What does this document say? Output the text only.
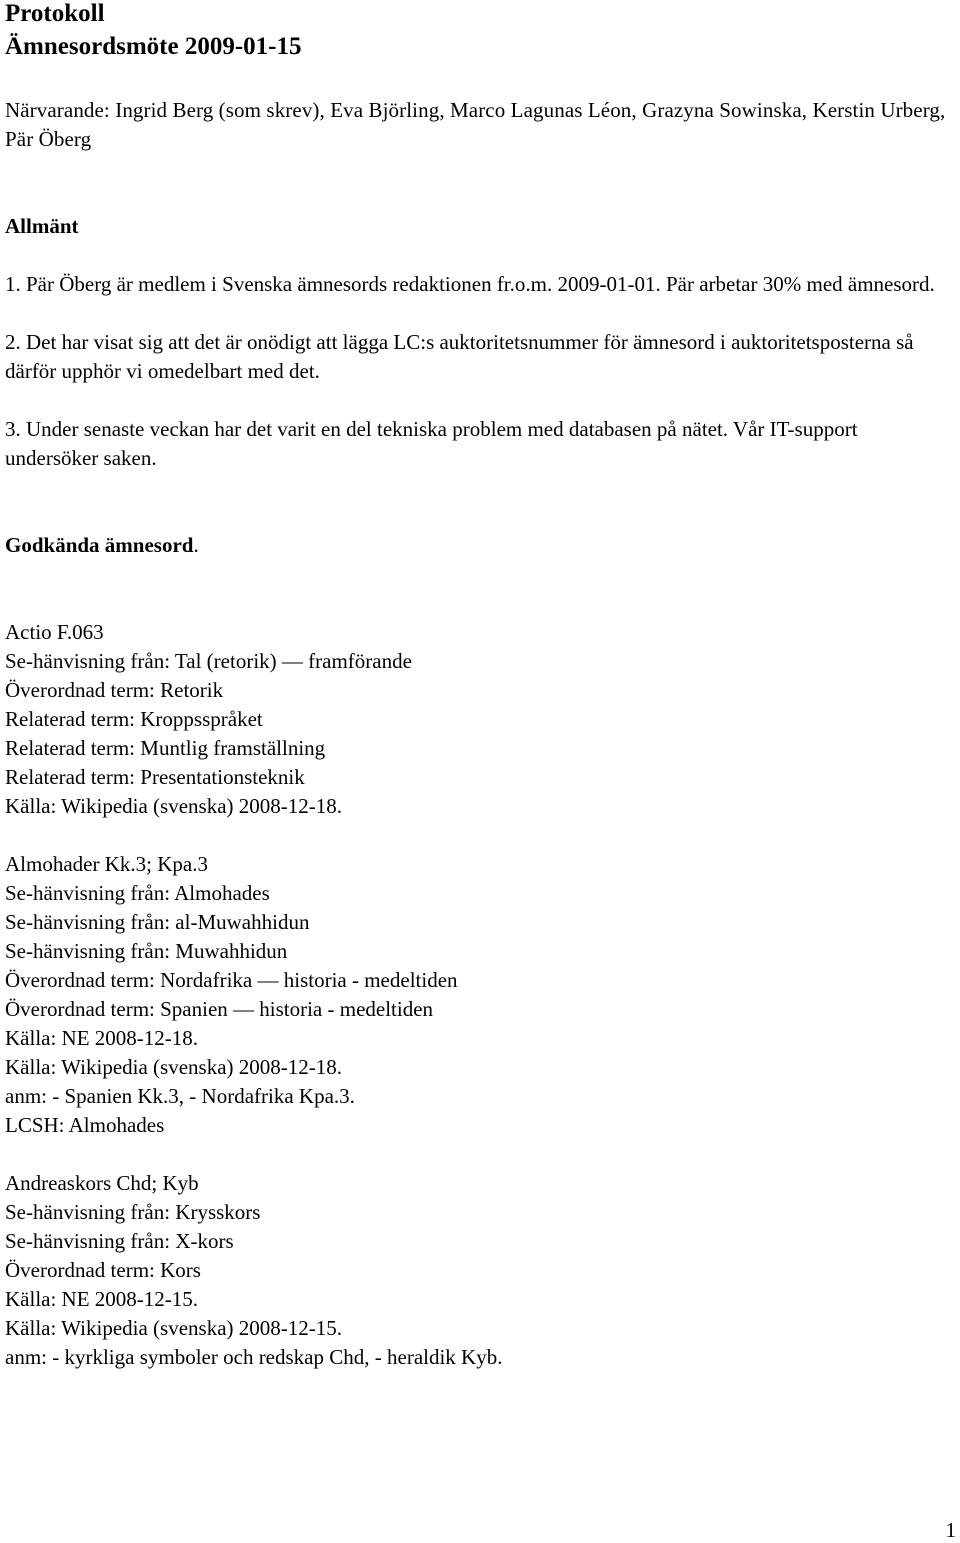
Protokoll
Ämnesordsmöte 2009-01-15
Närvarande: Ingrid Berg (som skrev), Eva Björling, Marco Lagunas Léon, Grazyna Sowinska, Kerstin Urberg, Pär Öberg
Allmänt
1. Pär Öberg är medlem i Svenska ämnesords redaktionen fr.o.m. 2009-01-01. Pär arbetar 30% med ämnesord.
2. Det har visat sig att det är onödigt att lägga LC:s auktoritetsnummer för ämnesord i auktoritetsposterna så därför upphör vi omedelbart med det.
3. Under senaste veckan har det varit en del tekniska problem med databasen på nätet. Vår IT-support undersöker saken.
Godkända ämnesord.
Actio F.063
Se-hänvisning från: Tal (retorik) — framförande
Överordnad term: Retorik
Relaterad term: Kroppsspråket
Relaterad term: Muntlig framställning
Relaterad term: Presentationsteknik
Källa: Wikipedia (svenska) 2008-12-18.
Almohader Kk.3; Kpa.3
Se-hänvisning från: Almohades
Se-hänvisning från: al-Muwahhidun
Se-hänvisning från: Muwahhidun
Överordnad term: Nordafrika — historia - medeltiden
Överordnad term: Spanien — historia - medeltiden
Källa: NE 2008-12-18.
Källa: Wikipedia (svenska) 2008-12-18.
anm: - Spanien Kk.3, - Nordafrika Kpa.3.
LCSH: Almohades
Andreaskors Chd; Kyb
Se-hänvisning från: Krysskors
Se-hänvisning från: X-kors
Överordnad term: Kors
Källa: NE 2008-12-15.
Källa: Wikipedia (svenska) 2008-12-15.
anm: - kyrkliga symboler och redskap Chd, - heraldik Kyb.
1
